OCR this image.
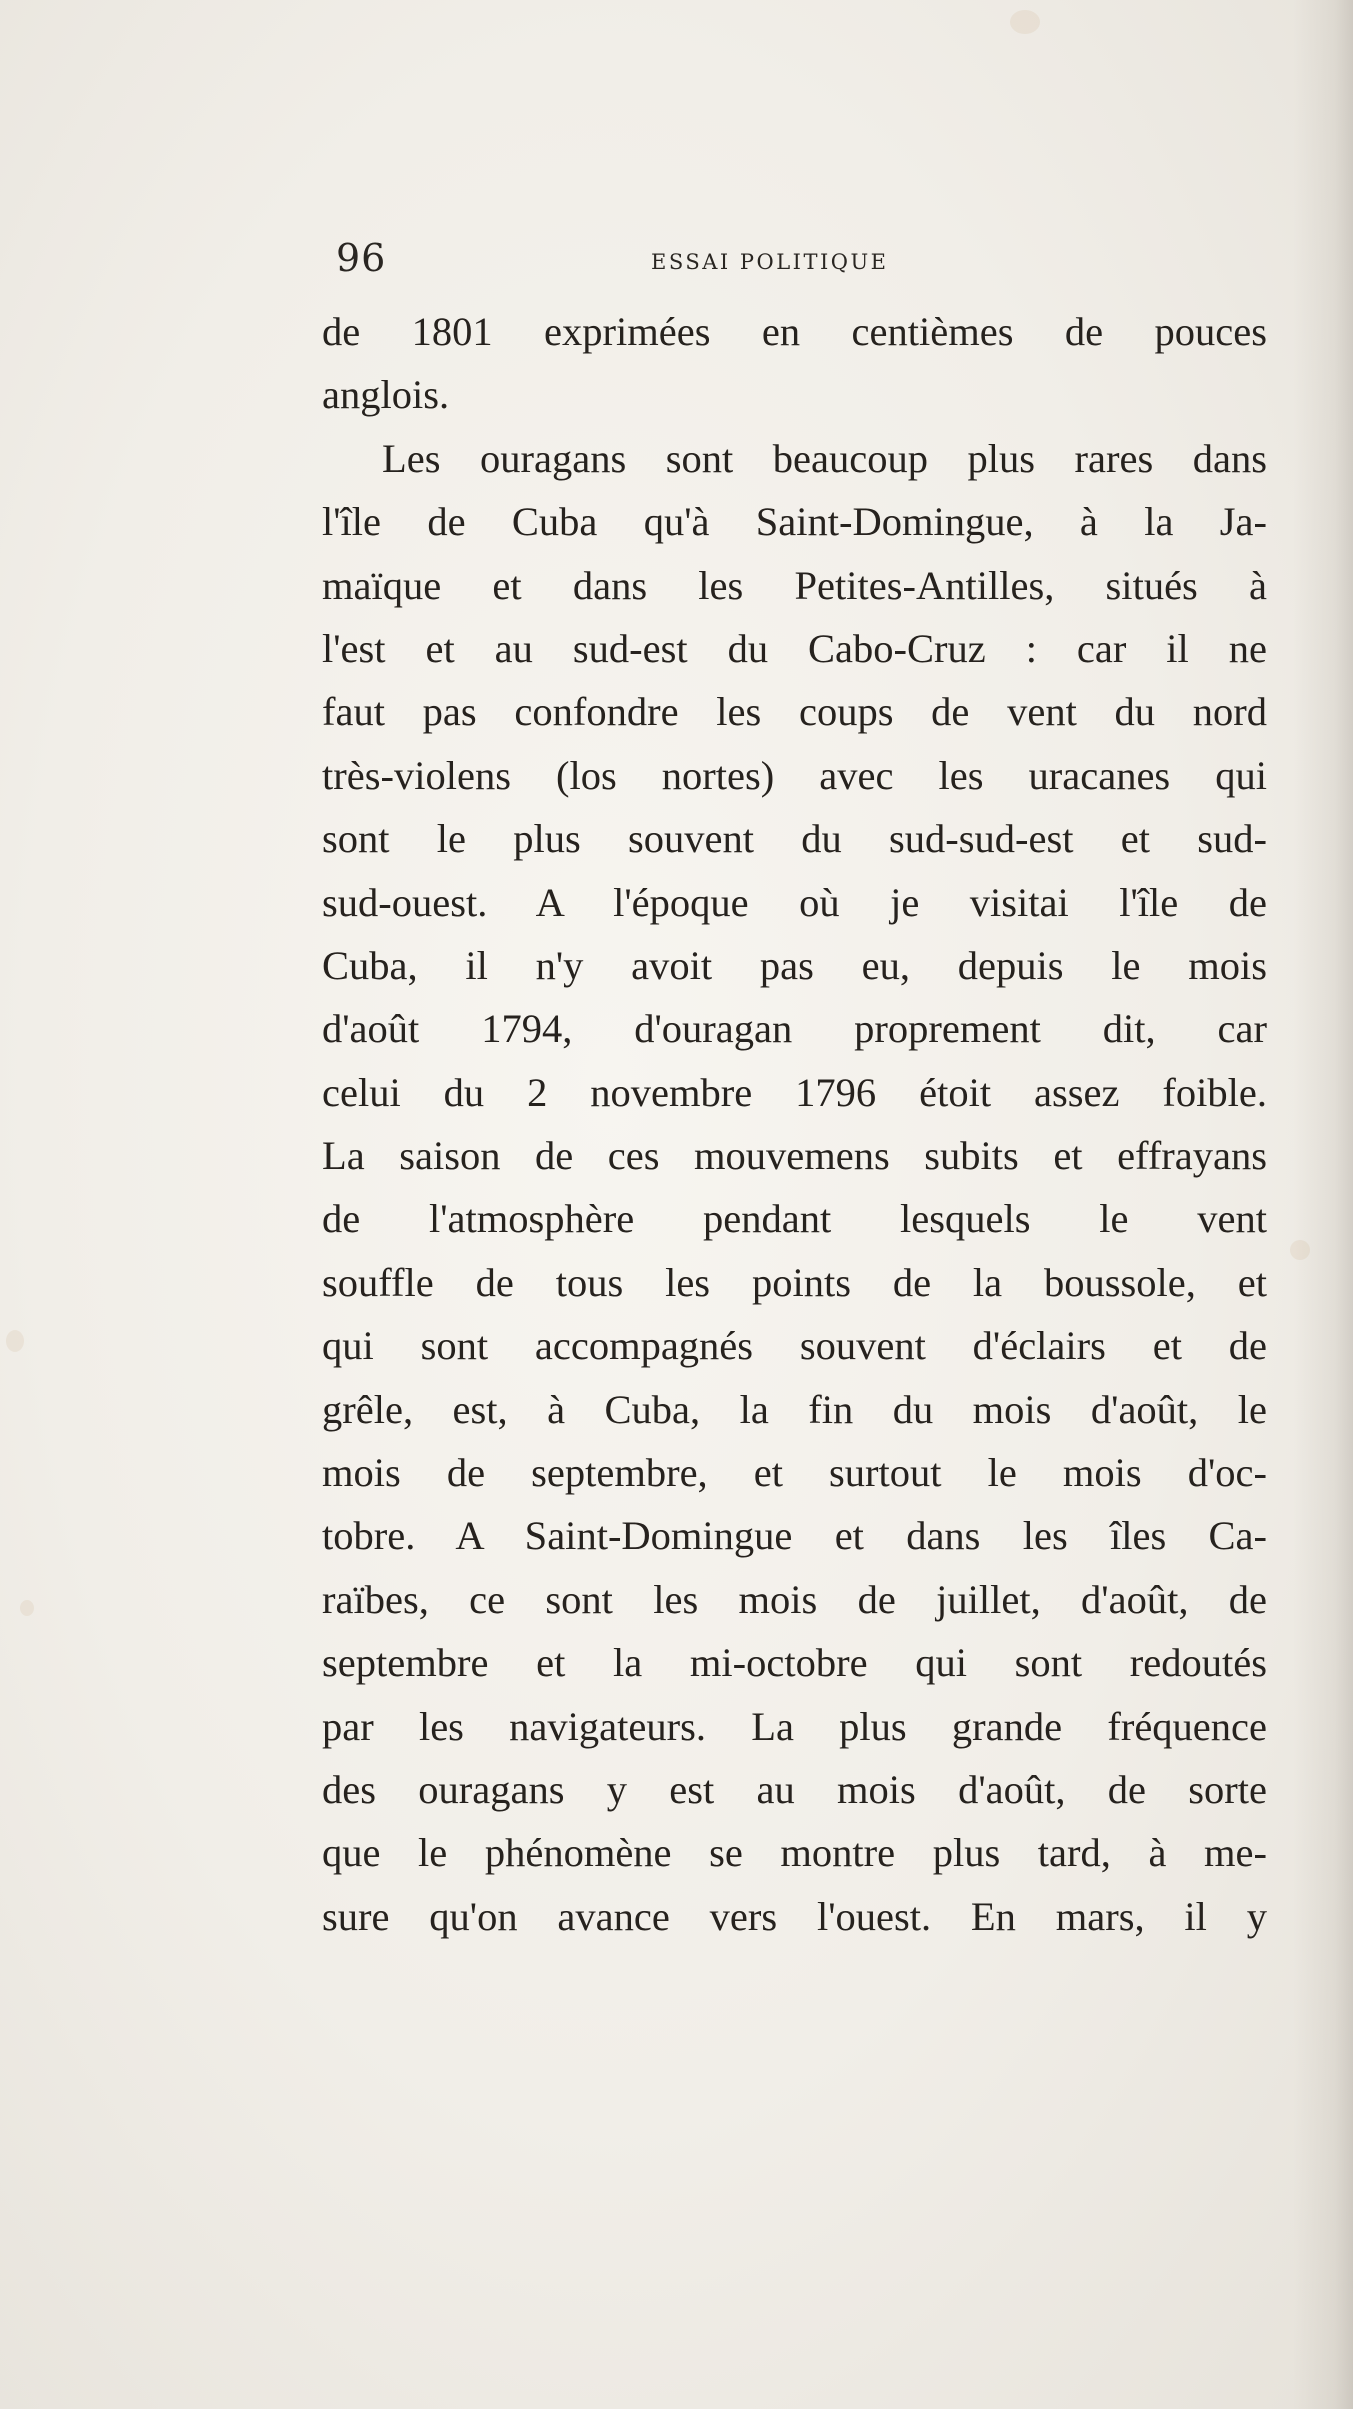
96	ESSAI POLITIQUE
de 1801 exprimées en centièmes de pouces
anglois.
Les ouragans sont beaucoup plus rares dans
l'île de Cuba qu'à Saint-Domingue, à la Ja-
maïque et dans les Petites-Antilles, situés à
l'est et au sud-est du Cabo-Cruz : car il ne
faut pas confondre les coups de vent du nord
très-violens (los nortes) avec les uracanes qui
sont le plus souvent du sud-sud-est et sud-
sud-ouest. A l'époque où je visitai l'île de
Cuba, il n'y avoit pas eu, depuis le mois
d'août 1794, d'ouragan proprement dit, car
celui du 2 novembre 1796 étoit assez foible.
La saison de ces mouvemens subits et effrayans
de l'atmosphère pendant lesquels le vent
souffle de tous les points de la boussole, et
qui sont accompagnés souvent d'éclairs et de
grêle, est, à Cuba, la fin du mois d'août, le
mois de septembre, et surtout le mois d'oc-
tobre. A Saint-Domingue et dans les îles Ca-
raïbes, ce sont les mois de juillet, d'août, de
septembre et la mi-octobre qui sont redoutés
par les navigateurs. La plus grande fréquence
des ouragans y est au mois d'août, de sorte
que le phénomène se montre plus tard, à me-
sure qu'on avance vers l'ouest. En mars, il y
